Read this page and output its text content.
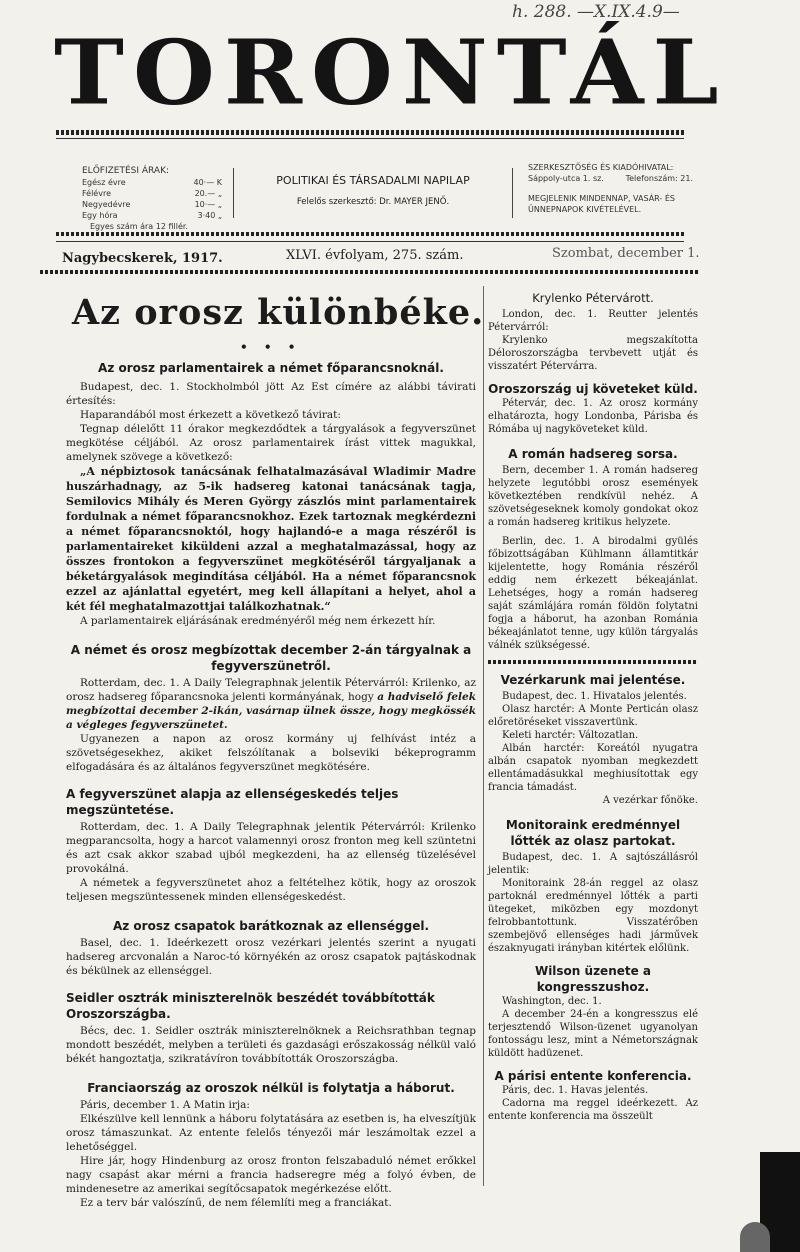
h. 288. —X.IX.4.9—
TORONTÁL
ELŐFIZETÉSI ÁRAK:
Egész évre	40·— K
Félévre	20.— „
Negyedévre	10·— „
Egy hóra	3·40 „
Egyes szám ára 12 fillér.
POLITIKAI ÉS TÁRSADALMI NAPILAP
Felelős szerkesztő: Dr. MAYER JENŐ.
SZERKESZTŐSÉG ÉS KIADÓHIVATAL:
Sáppoly-utca 1. sz.	Telefonszám: 21.
MEGJELENIK MINDENNAP, VASÁR- ÉS ÜNNEPNAPOK KIVÉTELÉVEL.
Nagybecskerek, 1917.	XLVI. évfolyam, 275. szám.	Szombat, december 1.
Az orosz különbéke.
• • •
Az orosz parlamentairek a német főparancsnoknál.

Budapest, dec. 1. Stockholmból jött Az Est címére az alábbi távirati értesítés:

Haparandából most érkezett a következő távirat:

Tegnap délelőtt 11 órakor megkezdődtek a tárgyalások a fegyverszünet megkötése céljából. Az orosz parlamentairek írást vittek magukkal, amelynek szövege a következő:

„A népbiztosok tanácsának felhatalmazásával Wladimir Madre huszárhadnagy, az 5-ik hadsereg katonai tanácsának tagja, Semilovics Mihály és Meren György zászlós mint parlamentairek fordulnak a német főparancsnokhoz. Ezek tartoznak megkérdezni a német főparancsnoktól, hogy hajlandó-e a maga részéről is parlamentaireket kiküldeni azzal a meghatalmazással, hogy az összes frontokon a fegyverszünet megkötéséről tárgyaljanak a béketárgyalások megindítása céljából. Ha a német főparancsnok ezzel az ajánlattal egyetért, meg kell állapítani a helyet, ahol a két fél meghatalmazottjai találkozhatnak.“

A parlamentairek eljárásának eredményéről még nem érkezett hír.

A német és orosz megbízottak december 2-án tárgyalnak a fegyverszünetről.

Rotterdam, dec. 1. A Daily Telegraphnak jelentik Pétervárról: Krilenko, az orosz hadsereg főparancsnoka jelenti kormányának, hogy a hadviselő felek megbízottai december 2-ikán, vasárnap ülnek össze, hogy megkössék a végleges fegyverszünetet.

Ugyanezen a napon az orosz kormány uj felhívást intéz a szövetségesekhez, akiket felszólítanak a bolseviki békeprogramm elfogadására és az általános fegyverszünet megkötésére.

A fegyverszünet alapja az ellenségeskedés teljes megszüntetése.

Rotterdam, dec. 1. A Daily Telegraphnak jelentik Pétervárról: Krilenko megparancsolta, hogy a harcot valamennyi orosz fronton meg kell szüntetni és azt csak akkor szabad ujból megkezdeni, ha az ellenség tüzelésével provokálná.

A németek a fegyverszünetet ahoz a feltételhez kötik, hogy az oroszok teljesen megszüntessenek minden ellenségeskedést.

Az orosz csapatok barátkoznak az ellenséggel.

Basel, dec. 1. Ideérkezett orosz vezérkari jelentés szerint a nyugati hadsereg arcvonalán a Naroc-tó környékén az orosz csapatok pajtáskodnak és békülnek az ellenséggel.

Seidler osztrák miniszterelnök beszédét továbbították Oroszországba.

Bécs, dec. 1. Seidler osztrák miniszterelnöknek a Reichsrathban tegnap mondott beszédét, melyben a területi és gazdasági erőszakosság nélkül való békét hangoztatja, szikratávíron továbbították Oroszországba.

Franciaország az oroszok nélkül is folytatja a háborut.

Páris, december 1. A Matin irja:

Elkészülve kell lennünk a háboru folytatására az esetben is, ha elveszítjük orosz támaszunkat. Az entente felelős tényezői már leszámoltak ezzel a lehetőséggel.

Hire jár, hogy Hindenburg az orosz fronton felszabaduló német erőkkel nagy csapást akar mérni a francia hadseregre még a folyó évben, de mindenesetre az amerikai segítőcsapatok megérkezése előtt.

Ez a terv bár valószínű, de nem félemlíti meg a franciákat.

Krylenko Pétervárott.

London, dec. 1. Reutter jelentés Pétervárról:

Krylenko megszakította Déloroszországba tervbevett utját és visszatért Pétervárra.

Oroszország uj követeket küld.

Pétervár, dec. 1. Az orosz kormány elhatározta, hogy Londonba, Párisba és Rómába uj nagyköveteket küld.

A román hadsereg sorsa.

Bern, december 1. A román hadsereg helyzete legutóbbi orosz események következtében rendkívül nehéz. A szövetségeseknek komoly gondokat okoz a román hadsereg kritikus helyzete.

Berlin, dec. 1. A birodalmi gyülés főbizottságában Kühlmann államtitkár kijelentette, hogy Románia részéről eddig nem érkezett békeajánlat. Lehetséges, hogy a román hadsereg saját számlájára román földön folytatni fogja a háborut, ha azonban Románia békeajánlatot tenne, ugy külön tárgyalás válnék szükségessé.

Vezérkarunk mai jelentése.

Budapest, dec. 1. Hivatalos jelentés.

Olasz harctér: A Monte Perticán olasz előretöréseket visszavertünk.

Keleti harctér: Változatlan.

Albán harctér: Koreától nyugatra albán csapatok nyomban megkezdett ellentámadásukkal meghiusítottak egy francia támadást.

A vezérkar főnöke.

Monitoraink eredménnyel lőtték az olasz partokat.

Budapest, dec. 1. A sajtószállásról jelentik:

Monitoraink 28-án reggel az olasz partoknál eredménnyel lőtték a parti ütegeket, miközben egy mozdonyt felrobbantottunk. Visszatérőben szembejövő ellenséges hadi járművek északnyugati irányban kitértek előlünk.

Wilson üzenete a kongresszushoz.

Washington, dec. 1.

A december 24-én a kongresszus elé terjesztendő Wilson-üzenet ugyanolyan fontosságu lesz, mint a Németországnak küldött hadüzenet.

A párisi entente konferencia.

Páris, dec. 1. Havas jelentés.

Cadorna ma reggel ideérkezett. Az entente konferencia ma összeült
